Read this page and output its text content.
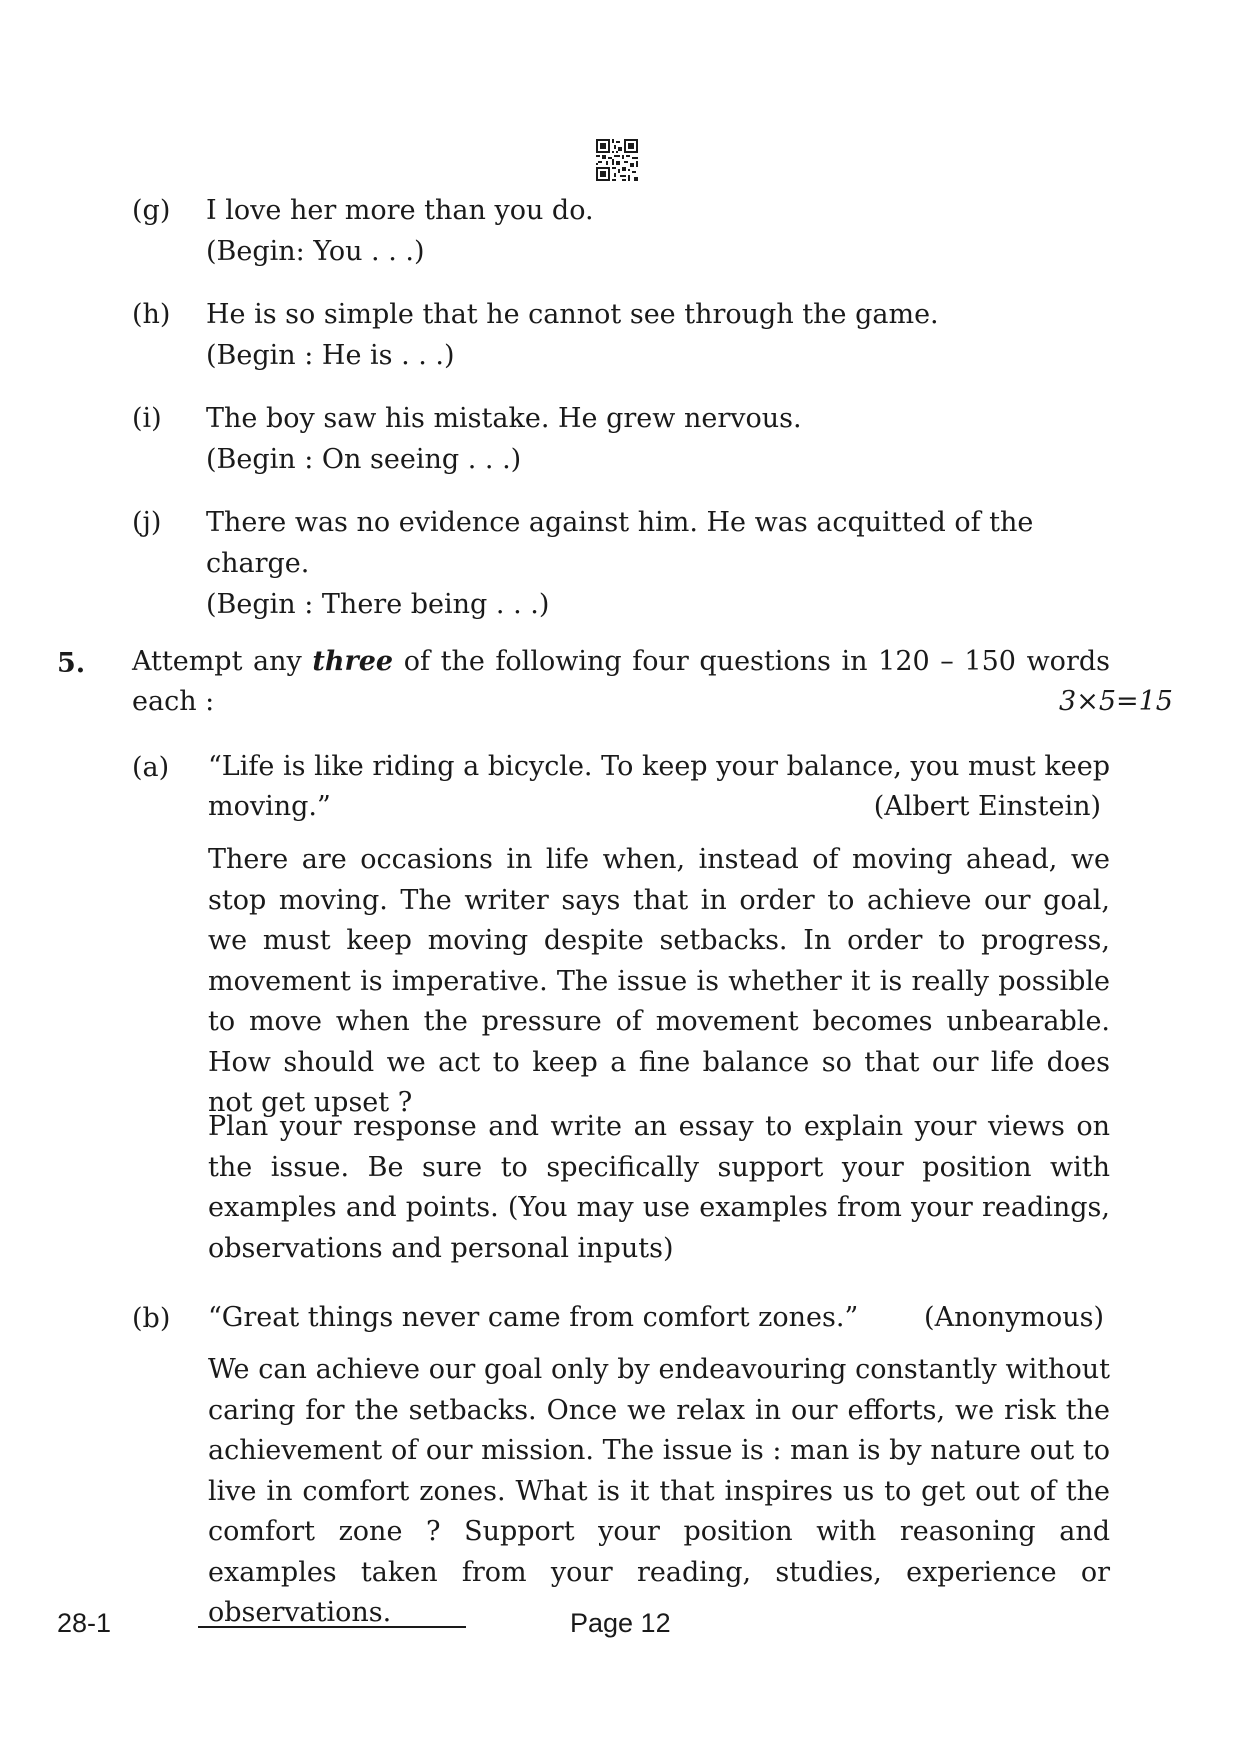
(g)	I love her more than you do.
(Begin: You . . .)
(h)	He is so simple that he cannot see through the game.
(Begin : He is . . .)
(i)	The boy saw his mistake. He grew nervous.
(Begin : On seeing . . .)
(j)	There was no evidence against him. He was acquitted of the charge.
(Begin : There being . . .)
5. Attempt any three of the following four questions in 120 – 150 words
each :	3×5=15
(a) “Life is like riding a bicycle. To keep your balance, you must keep
moving.”	(Albert Einstein)
There are occasions in life when, instead of moving ahead, we stop moving. The writer says that in order to achieve our goal, we must keep moving despite setbacks. In order to progress, movement is imperative. The issue is whether it is really possible to move when the pressure of movement becomes unbearable. How should we act to keep a fine balance so that our life does not get upset ?
Plan your response and write an essay to explain your views on the issue. Be sure to specifically support your position with examples and points. (You may use examples from your readings, observations and personal inputs)
(b) “Great things never came from comfort zones.” (Anonymous)
We can achieve our goal only by endeavouring constantly without caring for the setbacks. Once we relax in our efforts, we risk the achievement of our mission. The issue is : man is by nature out to live in comfort zones. What is it that inspires us to get out of the comfort zone ? Support your position with reasoning and examples taken from your reading, studies, experience or observations.
28-1	Page 12
